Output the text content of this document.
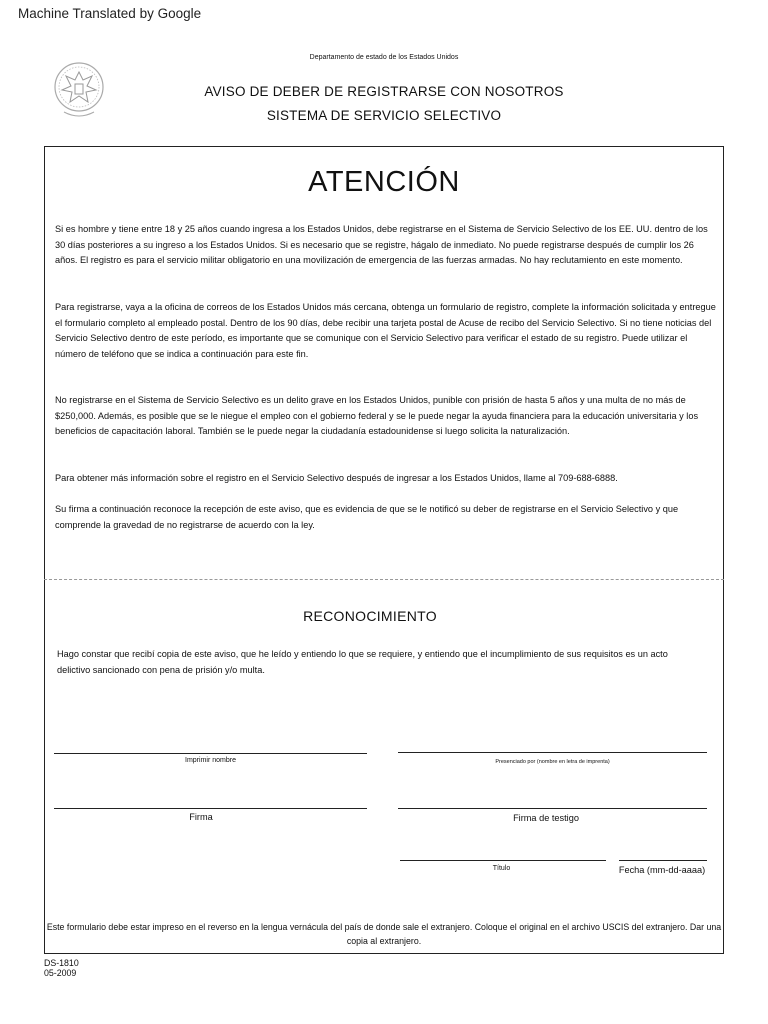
Machine Translated by Google
Departamento de estado de los Estados Unidos
AVISO DE DEBER DE REGISTRARSE CON NOSOTROS
SISTEMA DE SERVICIO SELECTIVO
ATENCIÓN

Si es hombre y tiene entre 18 y 25 años cuando ingresa a los Estados Unidos, debe registrarse en el Sistema de Servicio Selectivo de los EE. UU. dentro de los 30 días posteriores a su ingreso a los Estados Unidos. Si es necesario que se registre, hágalo de inmediato. No puede registrarse después de cumplir los 26 años. El registro es para el servicio militar obligatorio en una movilización de emergencia de las fuerzas armadas. No hay reclutamiento en este momento.

Para registrarse, vaya a la oficina de correos de los Estados Unidos más cercana, obtenga un formulario de registro, complete la información solicitada y entregue el formulario completo al empleado postal. Dentro de los 90 días, debe recibir una tarjeta postal de Acuse de recibo del Servicio Selectivo. Si no tiene noticias del Servicio Selectivo dentro de este período, es importante que se comunique con el Servicio Selectivo para verificar el estado de su registro. Puede utilizar el número de teléfono que se indica a continuación para este fin.

No registrarse en el Sistema de Servicio Selectivo es un delito grave en los Estados Unidos, punible con prisión de hasta 5 años y una multa de no más de $250,000. Además, es posible que se le niegue el empleo con el gobierno federal y se le puede negar la ayuda financiera para la educación universitaria y los beneficios de capacitación laboral. También se le puede negar la ciudadanía estadounidense si luego solicita la naturalización.

Para obtener más información sobre el registro en el Servicio Selectivo después de ingresar a los Estados Unidos, llame al 709-688-6888.

Su firma a continuación reconoce la recepción de este aviso, que es evidencia de que se le notificó su deber de registrarse en el Servicio Selectivo y que comprende la gravedad de no registrarse de acuerdo con la ley.

RECONOCIMIENTO

Hago constar que recibí copia de este aviso, que he leído y entiendo lo que se requiere, y entiendo que el incumplimiento de sus requisitos es un acto delictivo sancionado con pena de prisión y/o multa.

Imprimir nombre	Presenciado por (nombre en letra de imprenta)
Firma	Firma de testigo
Título	Fecha (mm-dd-aaaa)

Este formulario debe estar impreso en el reverso en la lengua vernácula del país de donde sale el extranjero. Coloque el original en el archivo USCIS del extranjero. Dar una copia al extranjero.

DS-1810
05-2009
